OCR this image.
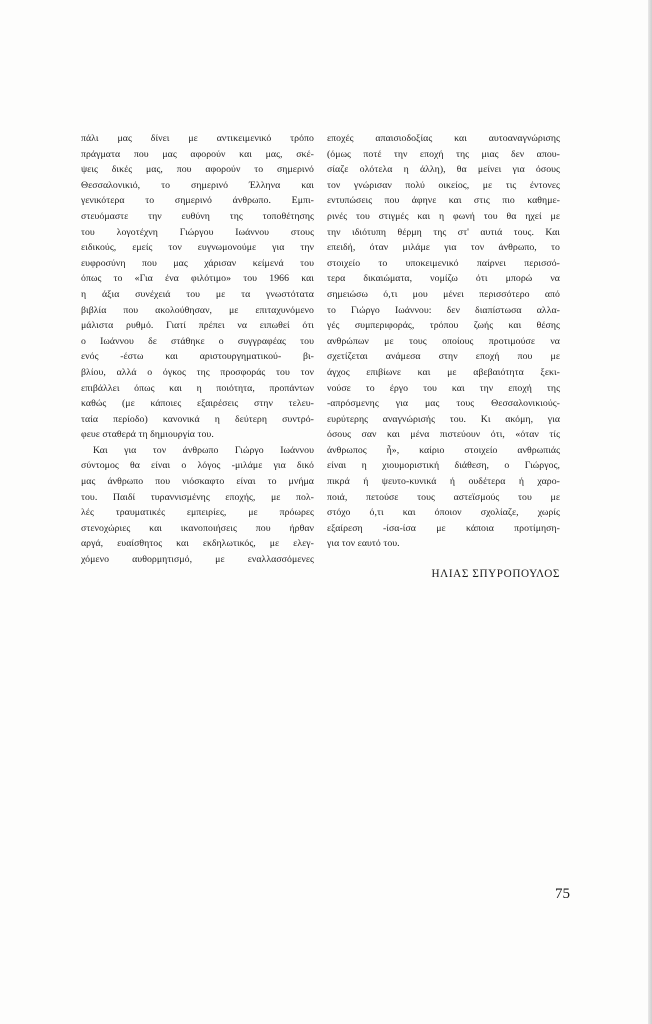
πάλι μας δίνει με αντικειμενικό τρόπο
πράγματα που μας αφορούν και μας, σκέ-
ψεις δικές μας, που αφορούν το σημερινό
Θεσσαλονικιό, το σημερινό Έλληνα και
γενικότερα το σημερινό άνθρωπο. Εμπι-
στευόμαστε την ευθύνη της τοποθέτησης
του λογοτέχνη Γιώργου Ιωάννου στους
ειδικούς, εμείς τον ευγνωμονούμε για την
ευφροσύνη που μας χάρισαν κείμενά του
όπως το «Για ένα φιλότιμο» του 1966 και
η άξια συνέχειά του με τα γνωστότατα
βιβλία που ακολούθησαν, με επιταχυνόμενο
μάλιστα ρυθμό. Γιατί πρέπει να ειπωθεί ότι
ο Ιωάννου δε στάθηκε ο συγγραφέας του
ενός -έστω και αριστουργηματικού- βι-
βλίου, αλλά ο όγκος της προσφοράς του τον
επιβάλλει όπως και η ποιότητα, προπάντων
καθώς (με κάποιες εξαιρέσεις στην τελευ-
ταία περίοδο) κανονικά η δεύτερη συντρό-
φευε σταθερά τη δημιουργία του.
Και για τον άνθρωπο Γιώργο Ιωάννου
σύντομος θα είναι ο λόγος -μιλάμε για δικό
μας άνθρωπο που νιόσκαφτο είναι το μνήμα
του. Παιδί τυραννισμένης εποχής, με πολ-
λές τραυματικές εμπειρίες, με πρόωρες
στενοχώριες και ικανοποιήσεις που ήρθαν
αργά, ευαίσθητος και εκδηλωτικός, με ελεγ-
χόμενο αυθορμητισμό, με εναλλασσόμενες
εποχές απαισιοδοξίας και αυτοαναγνώρισης
(όμως ποτέ την εποχή της μιας δεν απου-
σίαζε ολότελα η άλλη), θα μείνει για όσους
τον γνώρισαν πολύ οικείος, με τις έντονες
εντυπώσεις που άφηνε και στις πιο καθημε-
ρινές του στιγμές και η φωνή του θα ηχεί με
την ιδιότυπη θέρμη της στ' αυτιά τους. Και
επειδή, όταν μιλάμε για τον άνθρωπο, το
στοιχείο το υποκειμενικό παίρνει περισσό-
τερα δικαιώματα, νομίζω ότι μπορώ να
σημειώσω ό,τι μου μένει περισσότερο από
το Γιώργο Ιωάννου: δεν διαπίστωσα αλλα-
γές συμπεριφοράς, τρόπου ζωής και θέσης
ανθρώπων με τους οποίους προτιμούσε να
σχετίζεται ανάμεσα στην εποχή που με
άγχος επιβίωνε και με αβεβαιότητα ξεκι-
νούσε το έργο του και την εποχή της
-απρόσμενης για μας τους Θεσσαλονικιούς-
ευρύτερης αναγνώρισής του. Κι ακόμη, για
όσους σαν και μένα πιστεύουν ότι, «όταν τίς
άνθρωπος ἦ», καίριο στοιχείο ανθρωπιάς
είναι η χιουμοριστική διάθεση, ο Γιώργος,
πικρά ή ψευτο-κυνικά ή ουδέτερα ή χαρο-
ποιά, πετούσε τους αστεϊσμούς του με
στόχο ό,τι και όποιον σχολίαζε, χωρίς
εξαίρεση -ίσα-ίσα με κάποια προτίμηση-
για τον εαυτό του.
ΗΛΙΑΣ ΣΠΥΡΟΠΟΥΛΟΣ
75
